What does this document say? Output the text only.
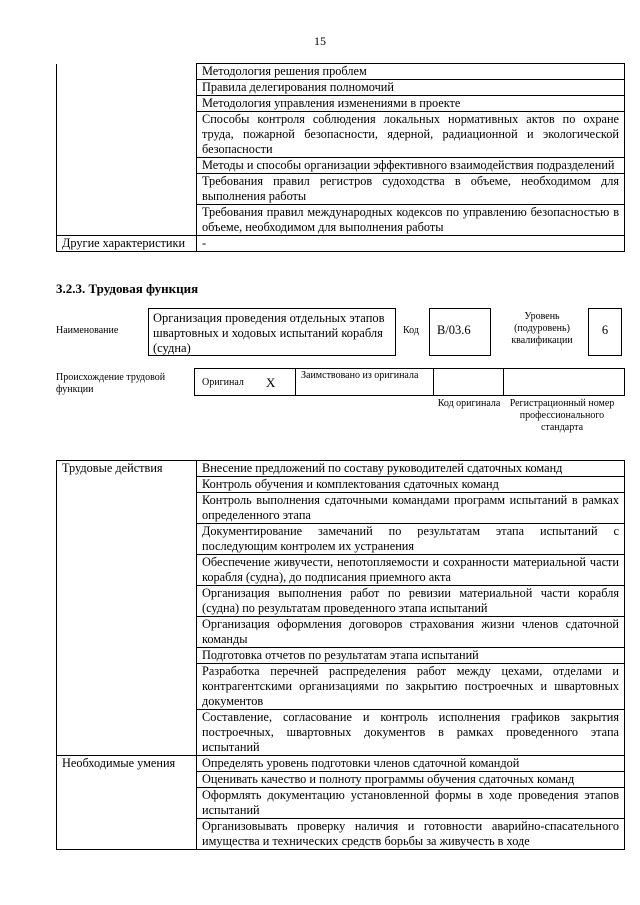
15
	Методология решения проблем
	Правила делегирования полномочий
	Методология управления изменениями в проекте
	Способы контроля соблюдения локальных нормативных актов по охране труда, пожарной безопасности, ядерной, радиационной и экологической безопасности
	Методы и способы организации эффективного взаимодействия подразделений
	Требования правил регистров судоходства в объеме, необходимом для выполнения работы
	Требования правил международных кодексов по управлению безопасностью в объеме, необходимом для выполнения работы
Другие характеристики	-
3.2.3. Трудовая функция
Наименование
Организация проведения отдельных этапов швартовных и ходовых испытаний корабля (судна)
Код B/03.6
Уровень (подуровень) квалификации
6
Происхождение трудовой функции
Оригинал X	Заимствовано из оригинала
Код оригинала Регистрационный номер профессионального стандарта
Трудовые действия	Внесение предложений по составу руководителей сдаточных команд
	Контроль обучения и комплектования сдаточных команд
	Контроль выполнения сдаточными командами программ испытаний в рамках определенного этапа
	Документирование замечаний по результатам этапа испытаний с последующим контролем их устранения
	Обеспечение живучести, непотопляемости и сохранности материальной части корабля (судна), до подписания приемного акта
	Организация выполнения работ по ревизии материальной части корабля (судна) по результатам проведенного этапа испытаний
	Организация оформления договоров страхования жизни членов сдаточной команды
	Подготовка отчетов по результатам этапа испытаний
	Разработка перечней распределения работ между цехами, отделами и контрагентскими организациями по закрытию построечных и швартовных документов
	Составление, согласование и контроль исполнения графиков закрытия построечных, швартовных документов в рамках проведенного этапа испытаний
Необходимые умения	Определять уровень подготовки членов сдаточной командой
	Оценивать качество и полноту программы обучения сдаточных команд
	Оформлять документацию установленной формы в ходе проведения этапов испытаний
	Организовывать проверку наличия и готовности аварийно-спасательного имущества и технических средств борьбы за живучесть в ходе
